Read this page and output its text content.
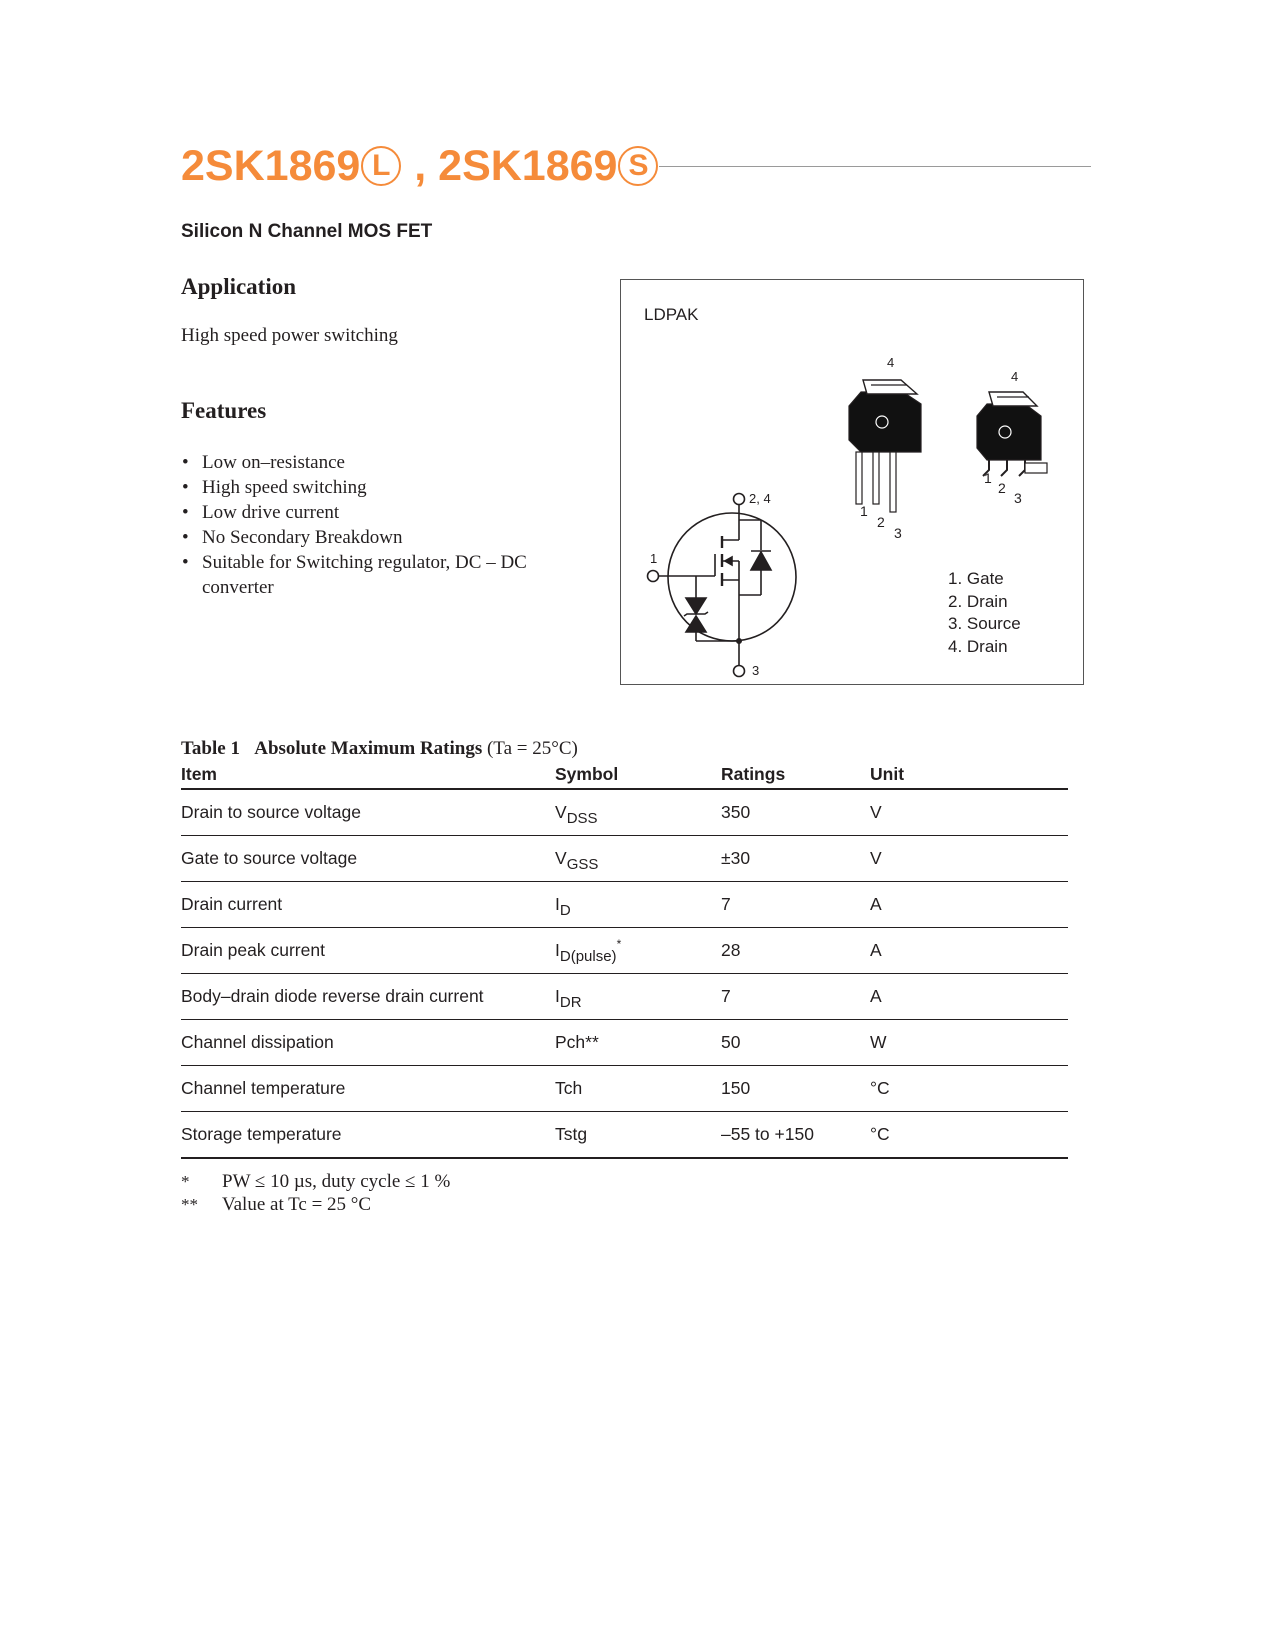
2SK1869 L , 2SK1869 S
Silicon N Channel MOS FET
Application
High speed power switching
Features
• Low on–resistance
• High speed switching
• Low drive current
• No Secondary Breakdown
• Suitable for Switching regulator, DC – DC converter
LDPAK
2, 4
1
3
4
1
2
3
4
1
2
3
1. Gate
2. Drain
3. Source
4. Drain
Table 1 Absolute Maximum Ratings (Ta = 25°C)
Item	Symbol	Ratings	Unit
Drain to source voltage	VDSS	350	V
Gate to source voltage	VGSS	±30	V
Drain current	ID	7	A
Drain peak current	ID(pulse)*	28	A
Body–drain diode reverse drain current	IDR	7	A
Channel dissipation	Pch**	50	W
Channel temperature	Tch	150	°C
Storage temperature	Tstg	–55 to +150	°C
* PW ≤ 10 µs, duty cycle ≤ 1 %
** Value at Tc = 25 °C
